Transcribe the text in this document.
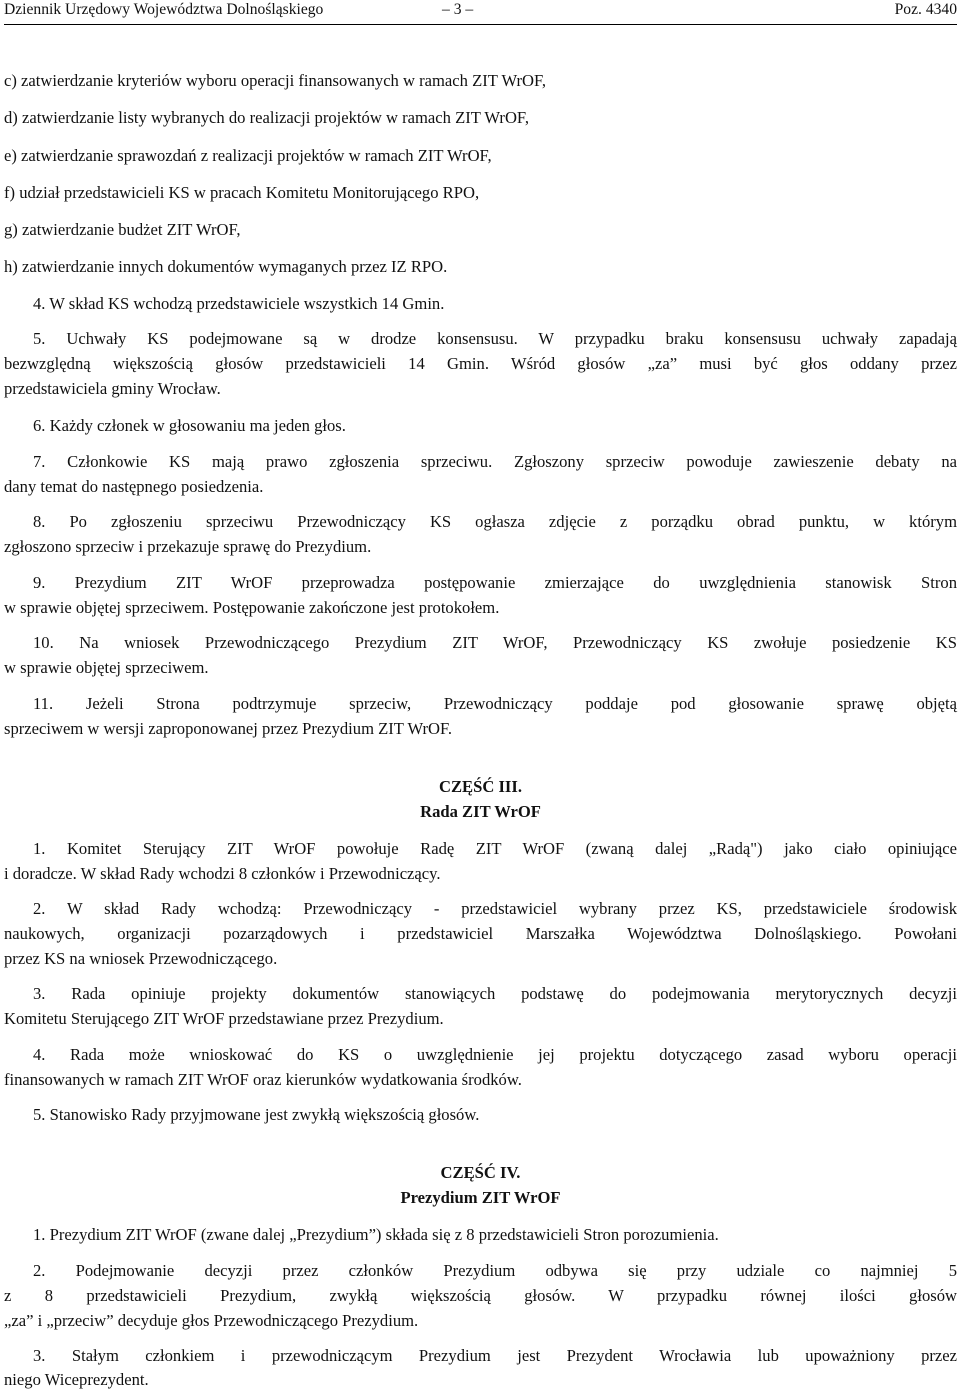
Dziennik Urzędowy Województwa Dolnośląskiego	– 3 –	Poz. 4340

c) zatwierdzanie kryteriów wyboru operacji finansowanych w ramach ZIT WrOF,

d) zatwierdzanie listy wybranych do realizacji projektów w ramach ZIT WrOF,

e) zatwierdzanie sprawozdań z realizacji projektów w ramach ZIT WrOF,

f) udział przedstawicieli KS w pracach Komitetu Monitorującego RPO,

g) zatwierdzanie budżet ZIT WrOF,

h) zatwierdzanie innych dokumentów wymaganych przez IZ RPO.

4. W skład KS wchodzą przedstawiciele wszystkich 14 Gmin.

5. Uchwały KS podejmowane są w drodze konsensusu. W przypadku braku konsensusu uchwały zapadają

bezwzględną większością głosów przedstawicieli 14 Gmin. Wśród głosów „za” musi być głos oddany przez

przedstawiciela gminy Wrocław.

6. Każdy członek w głosowaniu ma jeden głos.

7. Członkowie KS mają prawo zgłoszenia sprzeciwu. Zgłoszony sprzeciw powoduje zawieszenie debaty na

dany temat do następnego posiedzenia.

8. Po zgłoszeniu sprzeciwu Przewodniczący KS ogłasza zdjęcie z porządku obrad punktu, w którym

zgłoszono sprzeciw i przekazuje sprawę do Prezydium.

9. Prezydium ZIT WrOF przeprowadza postępowanie zmierzające do uwzględnienia stanowisk Stron

w sprawie objętej sprzeciwem. Postępowanie zakończone jest protokołem.

10. Na wniosek Przewodniczącego Prezydium ZIT WrOF, Przewodniczący KS zwołuje posiedzenie KS

w sprawie objętej sprzeciwem.

11. Jeżeli Strona podtrzymuje sprzeciw, Przewodniczący poddaje pod głosowanie sprawę objętą

sprzeciwem w wersji zaproponowanej przez Prezydium ZIT WrOF.

CZĘŚĆ III.

Rada ZIT WrOF

1. Komitet Sterujący ZIT WrOF powołuje Radę ZIT WrOF (zwaną dalej „Radą") jako ciało opiniujące

i doradcze. W skład Rady wchodzi 8 członków i Przewodniczący.

2. W skład Rady wchodzą: Przewodniczący - przedstawiciel wybrany przez KS, przedstawiciele środowisk

naukowych, organizacji pozarządowych i przedstawiciel Marszałka Województwa Dolnośląskiego. Powołani

przez KS na wniosek Przewodniczącego.

3. Rada opiniuje projekty dokumentów stanowiących podstawę do podejmowania merytorycznych decyzji

Komitetu Sterującego ZIT WrOF przedstawiane przez Prezydium.

4. Rada może wnioskować do KS o uwzględnienie jej projektu dotyczącego zasad wyboru operacji

finansowanych w ramach ZIT WrOF oraz kierunków wydatkowania środków.

5. Stanowisko Rady przyjmowane jest zwykłą większością głosów.

CZĘŚĆ IV.

Prezydium ZIT WrOF

1. Prezydium ZIT WrOF (zwane dalej „Prezydium”) składa się z 8 przedstawicieli Stron porozumienia.

2. Podejmowanie decyzji przez członków Prezydium odbywa się przy udziale co najmniej 5

z 8 przedstawicieli Prezydium, zwykłą większością głosów. W przypadku równej ilości głosów

„za” i „przeciw” decyduje głos Przewodniczącego Prezydium.

3. Stałym członkiem i przewodniczącym Prezydium jest Prezydent Wrocławia lub upoważniony przez

niego Wiceprezydent.
